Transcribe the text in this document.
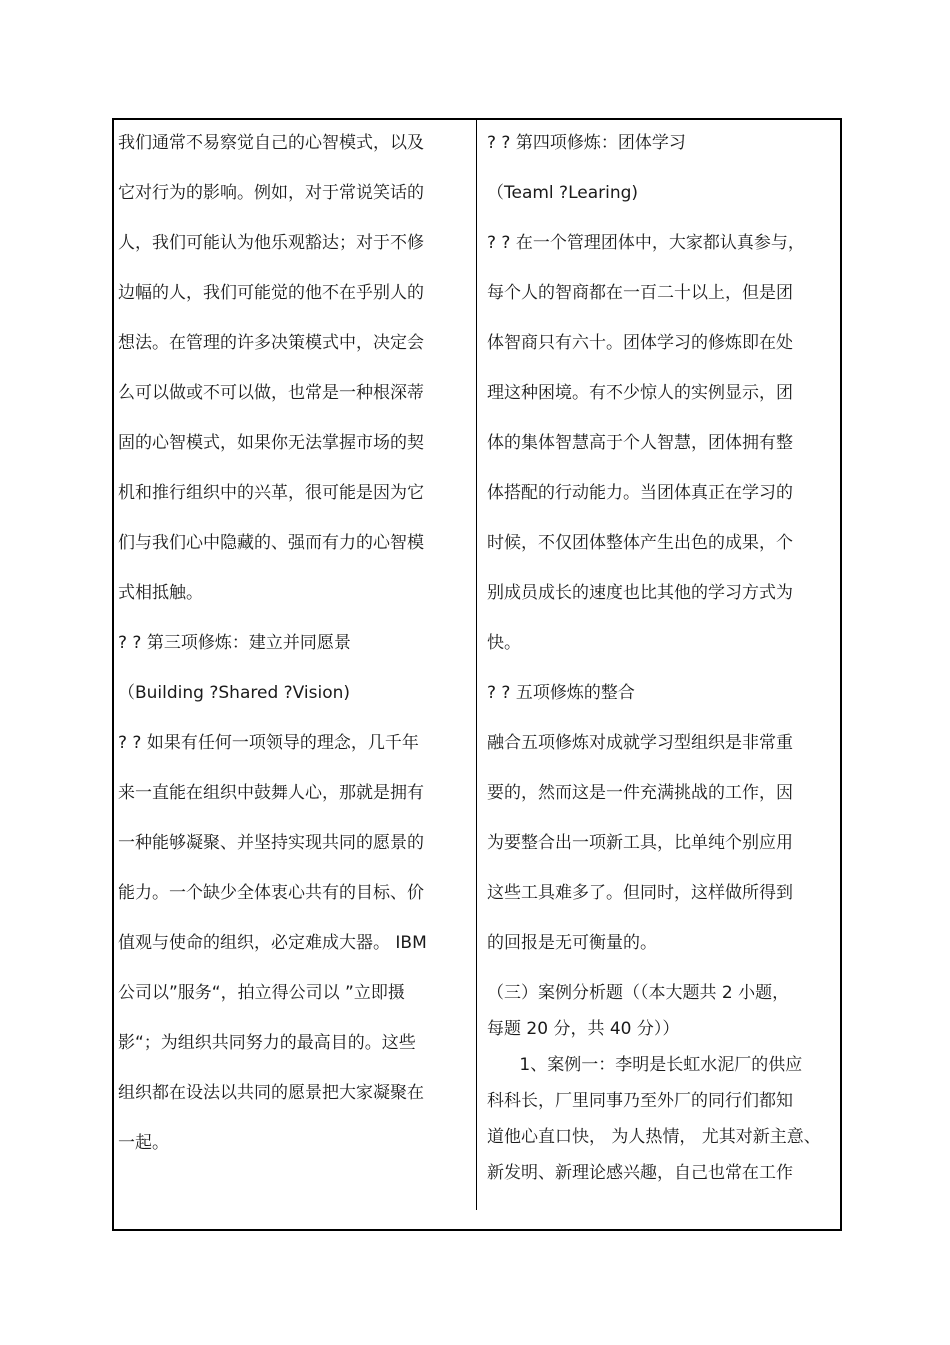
我们通常不易察觉自己的心智模式，以及
它对行为的影响。例如，对于常说笑话的
人，我们可能认为他乐观豁达；对于不修
边幅的人，我们可能觉的他不在乎别人的
想法。在管理的许多决策模式中，决定会
么可以做或不可以做，也常是一种根深蒂
固的心智模式，如果你无法掌握市场的契
机和推行组织中的兴革，很可能是因为它
们与我们心中隐藏的、强而有力的心智模
式相抵触。
? ? 第三项修炼：建立并同愿景
（Building ?Shared ?Vision)
? ? 如果有任何一项领导的理念，几千年
来一直能在组织中鼓舞人心，那就是拥有
一种能够凝聚、并坚持实现共同的愿景的
能力。一个缺少全体衷心共有的目标、价
值观与使命的组织，必定难成大器。 IBM
公司以”服务“，拍立得公司以 ”立即摄
影“；为组织共同努力的最高目的。这些
组织都在设法以共同的愿景把大家凝聚在
一起。
? ? 第四项修炼：团体学习
（Teaml ?Learing)
? ? 在一个管理团体中，大家都认真参与，
每个人的智商都在一百二十以上，但是团
体智商只有六十。团体学习的修炼即在处
理这种困境。有不少惊人的实例显示，团
体的集体智慧高于个人智慧，团体拥有整
体搭配的行动能力。当团体真正在学习的
时候，不仅团体整体产生出色的成果，个
别成员成长的速度也比其他的学习方式为
快。
? ? 五项修炼的整合
融合五项修炼对成就学习型组织是非常重
要的，然而这是一件充满挑战的工作，因
为要整合出一项新工具，比单纯个别应用
这些工具难多了。但同时，这样做所得到
的回报是无可衡量的。
（三）案例分析题（（本大题共 2 小题，
每题 20 分，共 40 分））
1、案例一：李明是长虹水泥厂的供应
科科长，厂里同事乃至外厂的同行们都知
道他心直口快， 为人热情， 尤其对新主意、
新发明、新理论感兴趣，自己也常在工作
